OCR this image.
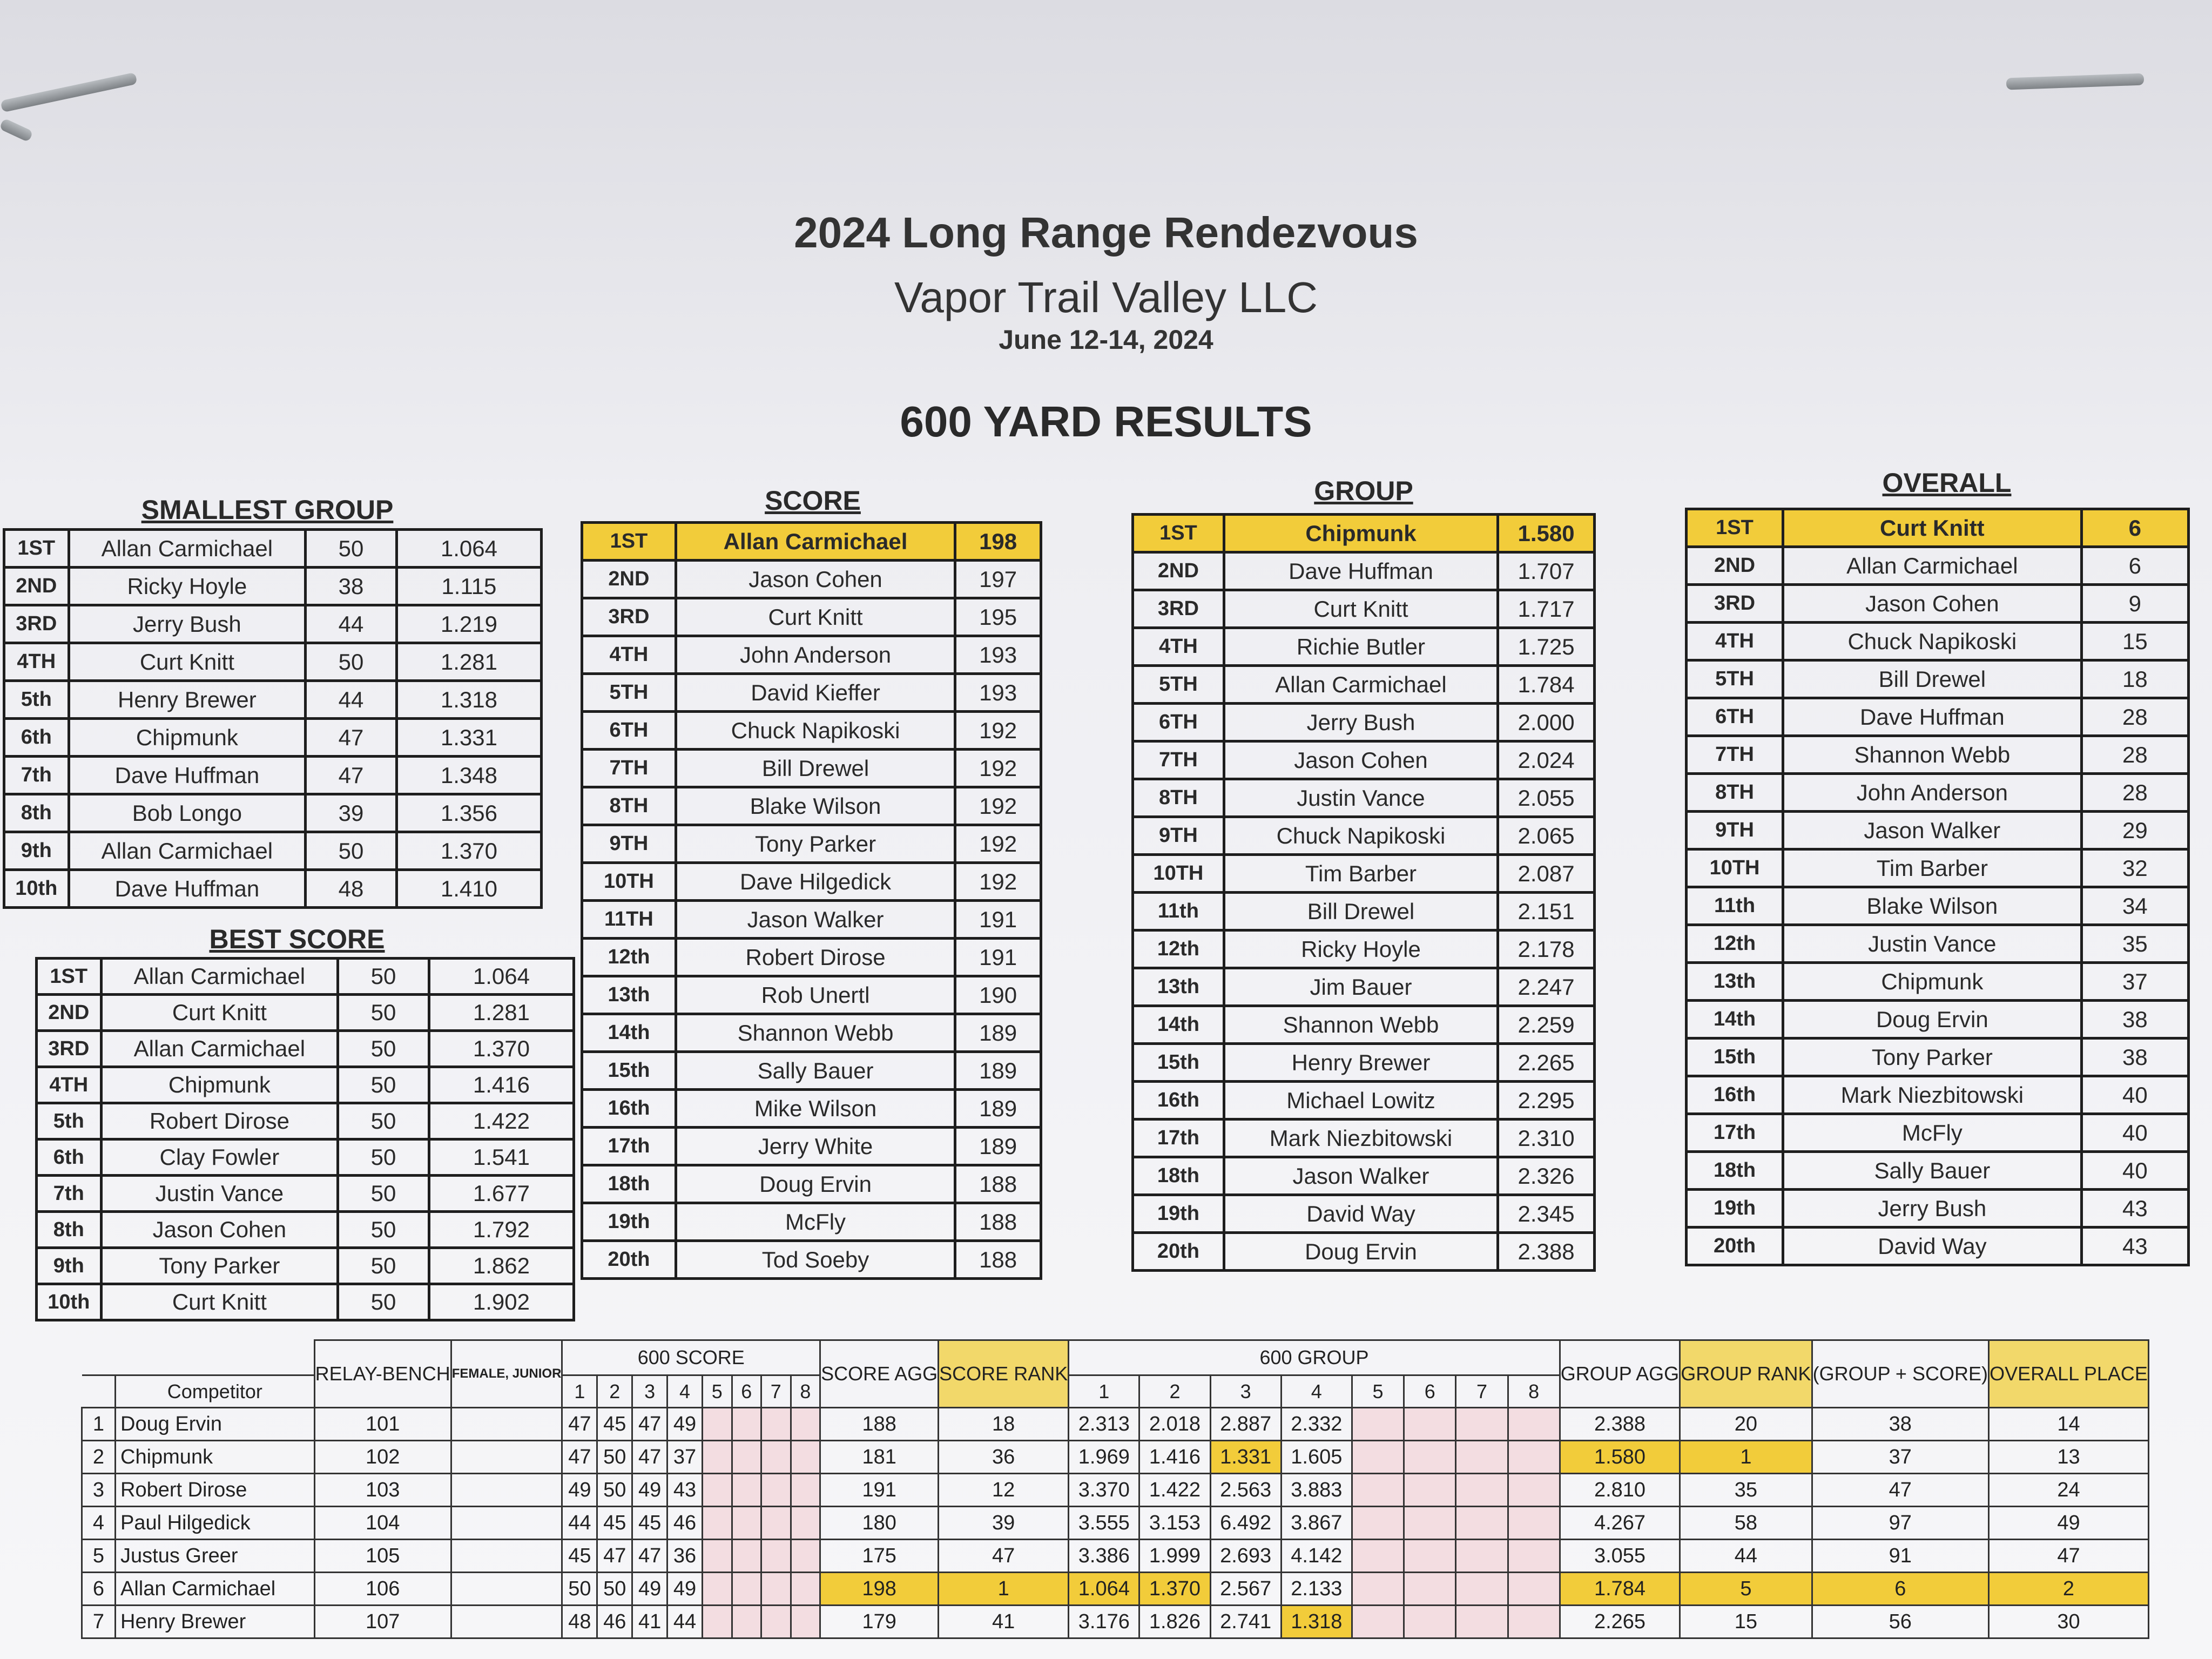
2024 Long Range Rendezvous
Vapor Trail Valley LLC
June 12-14, 2024
600 YARD RESULTS
SMALLEST GROUP	SCORE	GROUP	OVERALL
BEST SCORE
1ST	Allan Carmichael	50	1.064
2ND	Ricky Hoyle	38	1.115
3RD	Jerry Bush	44	1.219
4TH	Curt Knitt	50	1.281
5th	Henry Brewer	44	1.318
6th	Chipmunk	47	1.331
7th	Dave Huffman	47	1.348
8th	Bob Longo	39	1.356
9th	Allan Carmichael	50	1.370
10th	Dave Huffman	48	1.410
1ST	Allan Carmichael	50	1.064
2ND	Curt Knitt	50	1.281
3RD	Allan Carmichael	50	1.370
4TH	Chipmunk	50	1.416
5th	Robert Dirose	50	1.422
6th	Clay Fowler	50	1.541
7th	Justin Vance	50	1.677
8th	Jason Cohen	50	1.792
9th	Tony Parker	50	1.862
10th	Curt Knitt	50	1.902
1ST	Allan Carmichael	198
2ND	Jason Cohen	197
3RD	Curt Knitt	195
4TH	John Anderson	193
5TH	David Kieffer	193
6TH	Chuck Napikoski	192
7TH	Bill Drewel	192
8TH	Blake Wilson	192
9TH	Tony Parker	192
10TH	Dave Hilgedick	192
11TH	Jason Walker	191
12th	Robert Dirose	191
13th	Rob Unertl	190
14th	Shannon Webb	189
15th	Sally Bauer	189
16th	Mike Wilson	189
17th	Jerry White	189
18th	Doug Ervin	188
19th	McFly	188
20th	Tod Soeby	188
1ST	Chipmunk	1.580
2ND	Dave Huffman	1.707
3RD	Curt Knitt	1.717
4TH	Richie Butler	1.725
5TH	Allan Carmichael	1.784
6TH	Jerry Bush	2.000
7TH	Jason Cohen	2.024
8TH	Justin Vance	2.055
9TH	Chuck Napikoski	2.065
10TH	Tim Barber	2.087
11th	Bill Drewel	2.151
12th	Ricky Hoyle	2.178
13th	Jim Bauer	2.247
14th	Shannon Webb	2.259
15th	Henry Brewer	2.265
16th	Michael Lowitz	2.295
17th	Mark Niezbitowski	2.310
18th	Jason Walker	2.326
19th	David Way	2.345
20th	Doug Ervin	2.388
1ST	Curt Knitt	6
2ND	Allan Carmichael	6
3RD	Jason Cohen	9
4TH	Chuck Napikoski	15
5TH	Bill Drewel	18
6TH	Dave Huffman	28
7TH	Shannon Webb	28
8TH	John Anderson	28
9TH	Jason Walker	29
10TH	Tim Barber	32
11th	Blake Wilson	34
12th	Justin Vance	35
13th	Chipmunk	37
14th	Doug Ervin	38
15th	Tony Parker	38
16th	Mark Niezbitowski	40
17th	McFly	40
18th	Sally Bauer	40
19th	Jerry Bush	43
20th	David Way	43
		RELAY-BENCH	FEMALE, JUNIOR	600 SCORE								SCORE AGG	SCORE RANK	600 GROUP								GROUP AGG	GROUP RANK	(GROUP + SCORE)	OVERALL PLACE
	Competitor			1	2	3	4	5	6	7	8			1	2	3	4	5	6	7	8				
1	Doug Ervin	101		47	45	47	49					188	18	2.313	2.018	2.887	2.332					2.388	20	38	14
2	Chipmunk	102		47	50	47	37					181	36	1.969	1.416	1.331	1.605					1.580	1	37	13
3	Robert Dirose	103		49	50	49	43					191	12	3.370	1.422	2.563	3.883					2.810	35	47	24
4	Paul Hilgedick	104		44	45	45	46					180	39	3.555	3.153	6.492	3.867					4.267	58	97	49
5	Justus Greer	105		45	47	47	36					175	47	3.386	1.999	2.693	4.142					3.055	44	91	47
6	Allan Carmichael	106		50	50	49	49					198	1	1.064	1.370	2.567	2.133					1.784	5	6	2
7	Henry Brewer	107		48	46	41	44					179	41	3.176	1.826	2.741	1.318					2.265	15	56	30
